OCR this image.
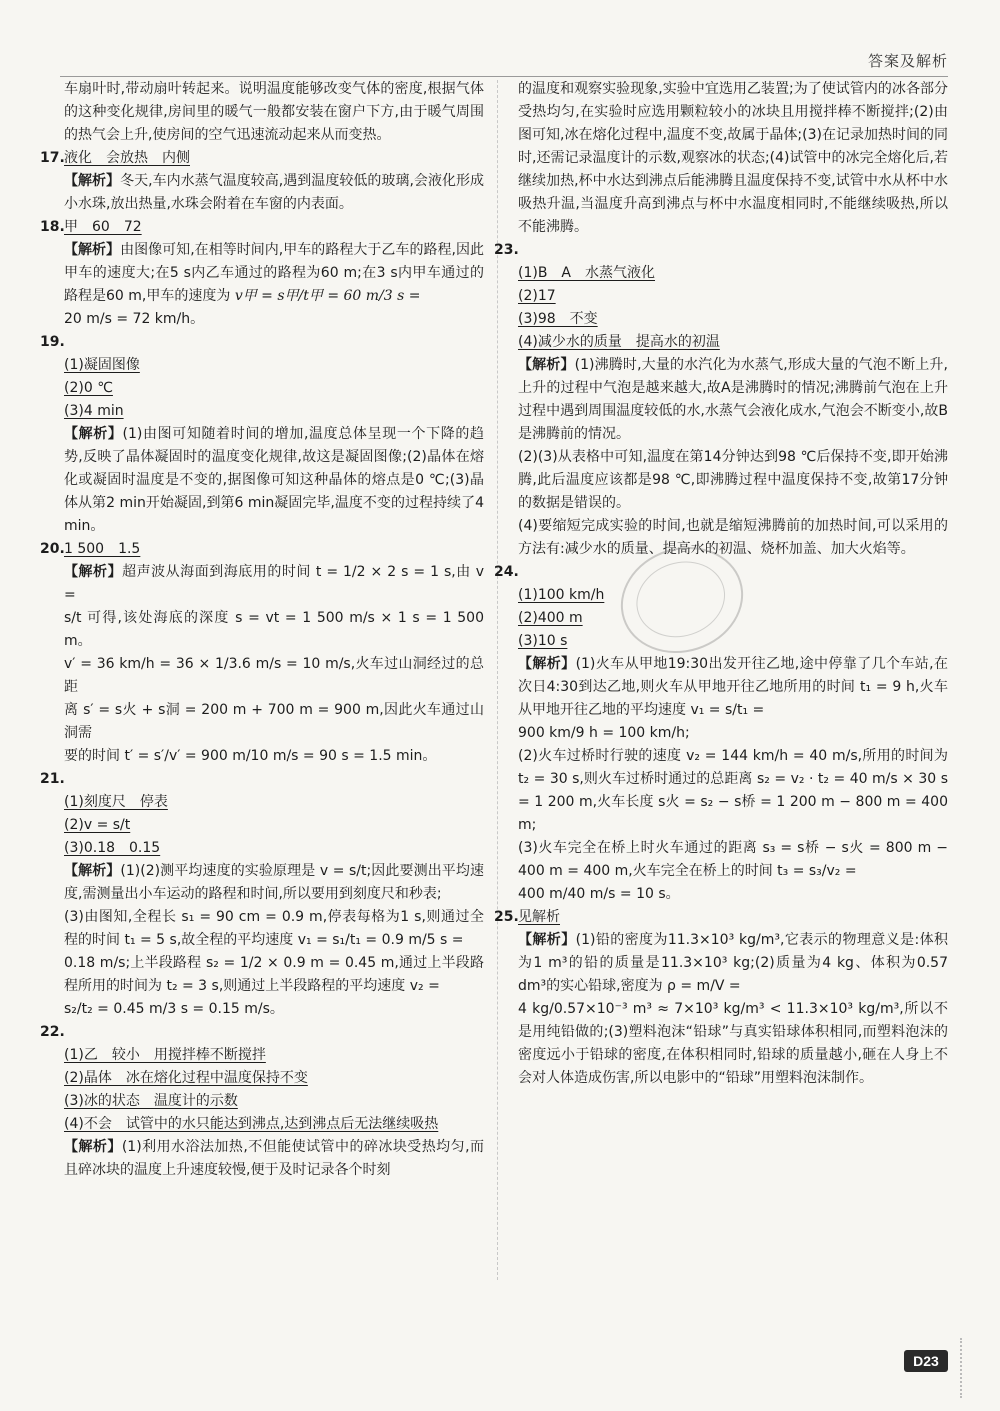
答案及解析

车扇叶时,带动扇叶转起来。说明温度能够改变气体的密度,根据气体的这种变化规律,房间里的暖气一般都安装在窗户下方,由于暖气周围的热气会上升,使房间的空气迅速流动起来从而变热。

17.液化　会放热　内侧

【解析】冬天,车内水蒸气温度较高,遇到温度较低的玻璃,会液化形成小水珠,放出热量,水珠会附着在车窗的内表面。

18.甲　60　72

【解析】由图像可知,在相等时间内,甲车的路程大于乙车的路程,因此甲车的速度大;在5 s内乙车通过的路程为60 m;在3 s内甲车通过的路程是60 m,甲车的速度为 v甲 = s甲/t甲 = 60 m/3 s =

20 m/s = 72 km/h。

19.
(1)凝固图像
(2)0 ℃
(3)4 min

【解析】(1)由图可知随着时间的增加,温度总体呈现一个下降的趋势,反映了晶体凝固时的温度变化规律,故这是凝固图像;(2)晶体在熔化或凝固时温度是不变的,据图像可知这种晶体的熔点是0 ℃;(3)晶体从第2 min开始凝固,到第6 min凝固完毕,温度不变的过程持续了4 min。

20.1 500　1.5

【解析】超声波从海面到海底用的时间 t = 1/2 × 2 s = 1 s,由 v =

s/t 可得,该处海底的深度 s = vt = 1 500 m/s × 1 s = 1 500 m。

v′ = 36 km/h = 36 × 1/3.6 m/s = 10 m/s,火车过山洞经过的总距

离 s′ = s火 + s洞 = 200 m + 700 m = 900 m,因此火车通过山洞需

要的时间 t′ = s′/v′ = 900 m/10 m/s = 90 s = 1.5 min。

21.
(1)刻度尺　停表
(2)v = s/t
(3)0.18　0.15

【解析】(1)(2)测平均速度的实验原理是 v = s/t;因此要测出平均速度,需测量出小车运动的路程和时间,所以要用到刻度尺和秒表;

(3)由图知,全程长 s₁ = 90 cm = 0.9 m,停表每格为1 s,则通过全程的时间 t₁ = 5 s,故全程的平均速度 v₁ = s₁/t₁ = 0.9 m/5 s =

0.18 m/s;上半段路程 s₂ = 1/2 × 0.9 m = 0.45 m,通过上半段路程所用的时间为 t₂ = 3 s,则通过上半段路程的平均速度 v₂ =

s₂/t₂ = 0.45 m/3 s = 0.15 m/s。

22.
(1)乙　较小　用搅拌棒不断搅拌
(2)晶体　冰在熔化过程中温度保持不变
(3)冰的状态　温度计的示数
(4)不会　试管中的水只能达到沸点,达到沸点后无法继续吸热

【解析】(1)利用水浴法加热,不但能使试管中的碎冰块受热均匀,而且碎冰块的温度上升速度较慢,便于及时记录各个时刻

的温度和观察实验现象,实验中宜选用乙装置;为了使试管内的冰各部分受热均匀,在实验时应选用颗粒较小的冰块且用搅拌棒不断搅拌;(2)由图可知,冰在熔化过程中,温度不变,故属于晶体;(3)在记录加热时间的同时,还需记录温度计的示数,观察冰的状态;(4)试管中的冰完全熔化后,若继续加热,杯中水达到沸点后能沸腾且温度保持不变,试管中水从杯中水吸热升温,当温度升高到沸点与杯中水温度相同时,不能继续吸热,所以不能沸腾。

23.
(1)B　A　水蒸气液化
(2)17
(3)98　不变
(4)减少水的质量　提高水的初温

【解析】(1)沸腾时,大量的水汽化为水蒸气,形成大量的气泡不断上升,上升的过程中气泡是越来越大,故A是沸腾时的情况;沸腾前气泡在上升过程中遇到周围温度较低的水,水蒸气会液化成水,气泡会不断变小,故B是沸腾前的情况。

(2)(3)从表格中可知,温度在第14分钟达到98 ℃后保持不变,即开始沸腾,此后温度应该都是98 ℃,即沸腾过程中温度保持不变,故第17分钟的数据是错误的。

(4)要缩短完成实验的时间,也就是缩短沸腾前的加热时间,可以采用的方法有:减少水的质量、提高水的初温、烧杯加盖、加大火焰等。

24.
(1)100 km/h
(2)400 m
(3)10 s

【解析】(1)火车从甲地19:30出发开往乙地,途中停靠了几个车站,在次日4:30到达乙地,则火车从甲地开往乙地所用的时间 t₁ = 9 h,火车从甲地开往乙地的平均速度 v₁ = s/t₁ =

900 km/9 h = 100 km/h;

(2)火车过桥时行驶的速度 v₂ = 144 km/h = 40 m/s,所用的时间为 t₂ = 30 s,则火车过桥时通过的总距离 s₂ = v₂ · t₂ = 40 m/s × 30 s = 1 200 m,火车长度 s火 = s₂ − s桥 = 1 200 m − 800 m = 400 m;

(3)火车完全在桥上时火车通过的距离 s₃ = s桥 − s火 = 800 m − 400 m = 400 m,火车完全在桥上的时间 t₃ = s₃/v₂ =

400 m/40 m/s = 10 s。

25.见解析

【解析】(1)铅的密度为11.3×10³ kg/m³,它表示的物理意义是:体积为1 m³的铅的质量是11.3×10³ kg;(2)质量为4 kg、体积为0.57 dm³的实心铅球,密度为 ρ = m/V =

4 kg/0.57×10⁻³ m³ ≈ 7×10³ kg/m³ < 11.3×10³ kg/m³,所以不是用纯铅做的;(3)塑料泡沫“铅球”与真实铅球体积相同,而塑料泡沫的密度远小于铅球的密度,在体积相同时,铅球的质量越小,砸在人身上不会对人体造成伤害,所以电影中的“铅球”用塑料泡沫制作。

D23
